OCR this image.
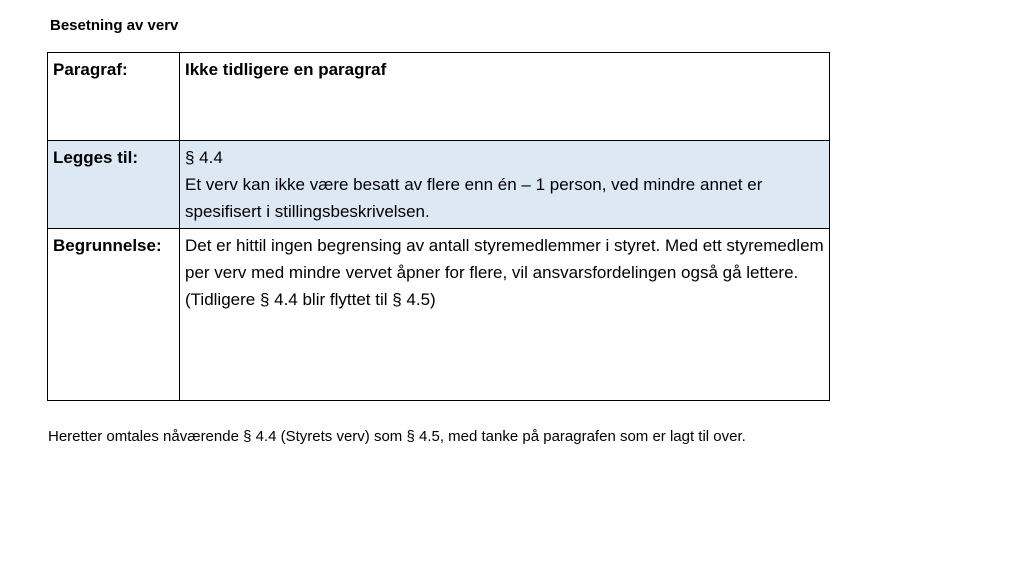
Besetning av verv
Paragraf:	Ikke tidligere en paragraf
Legges til:	§ 4.4
Et verv kan ikke være besatt av flere enn én – 1 person, ved mindre annet er spesifisert i stillingsbeskrivelsen.
Begrunnelse:	Det er hittil ingen begrensing av antall styremedlemmer i styret. Med ett styremedlem per verv med mindre vervet åpner for flere, vil ansvarsfordelingen også gå lettere. (Tidligere § 4.4 blir flyttet til § 4.5)
Heretter omtales nåværende § 4.4 (Styrets verv) som § 4.5, med tanke på paragrafen som er lagt til over.
